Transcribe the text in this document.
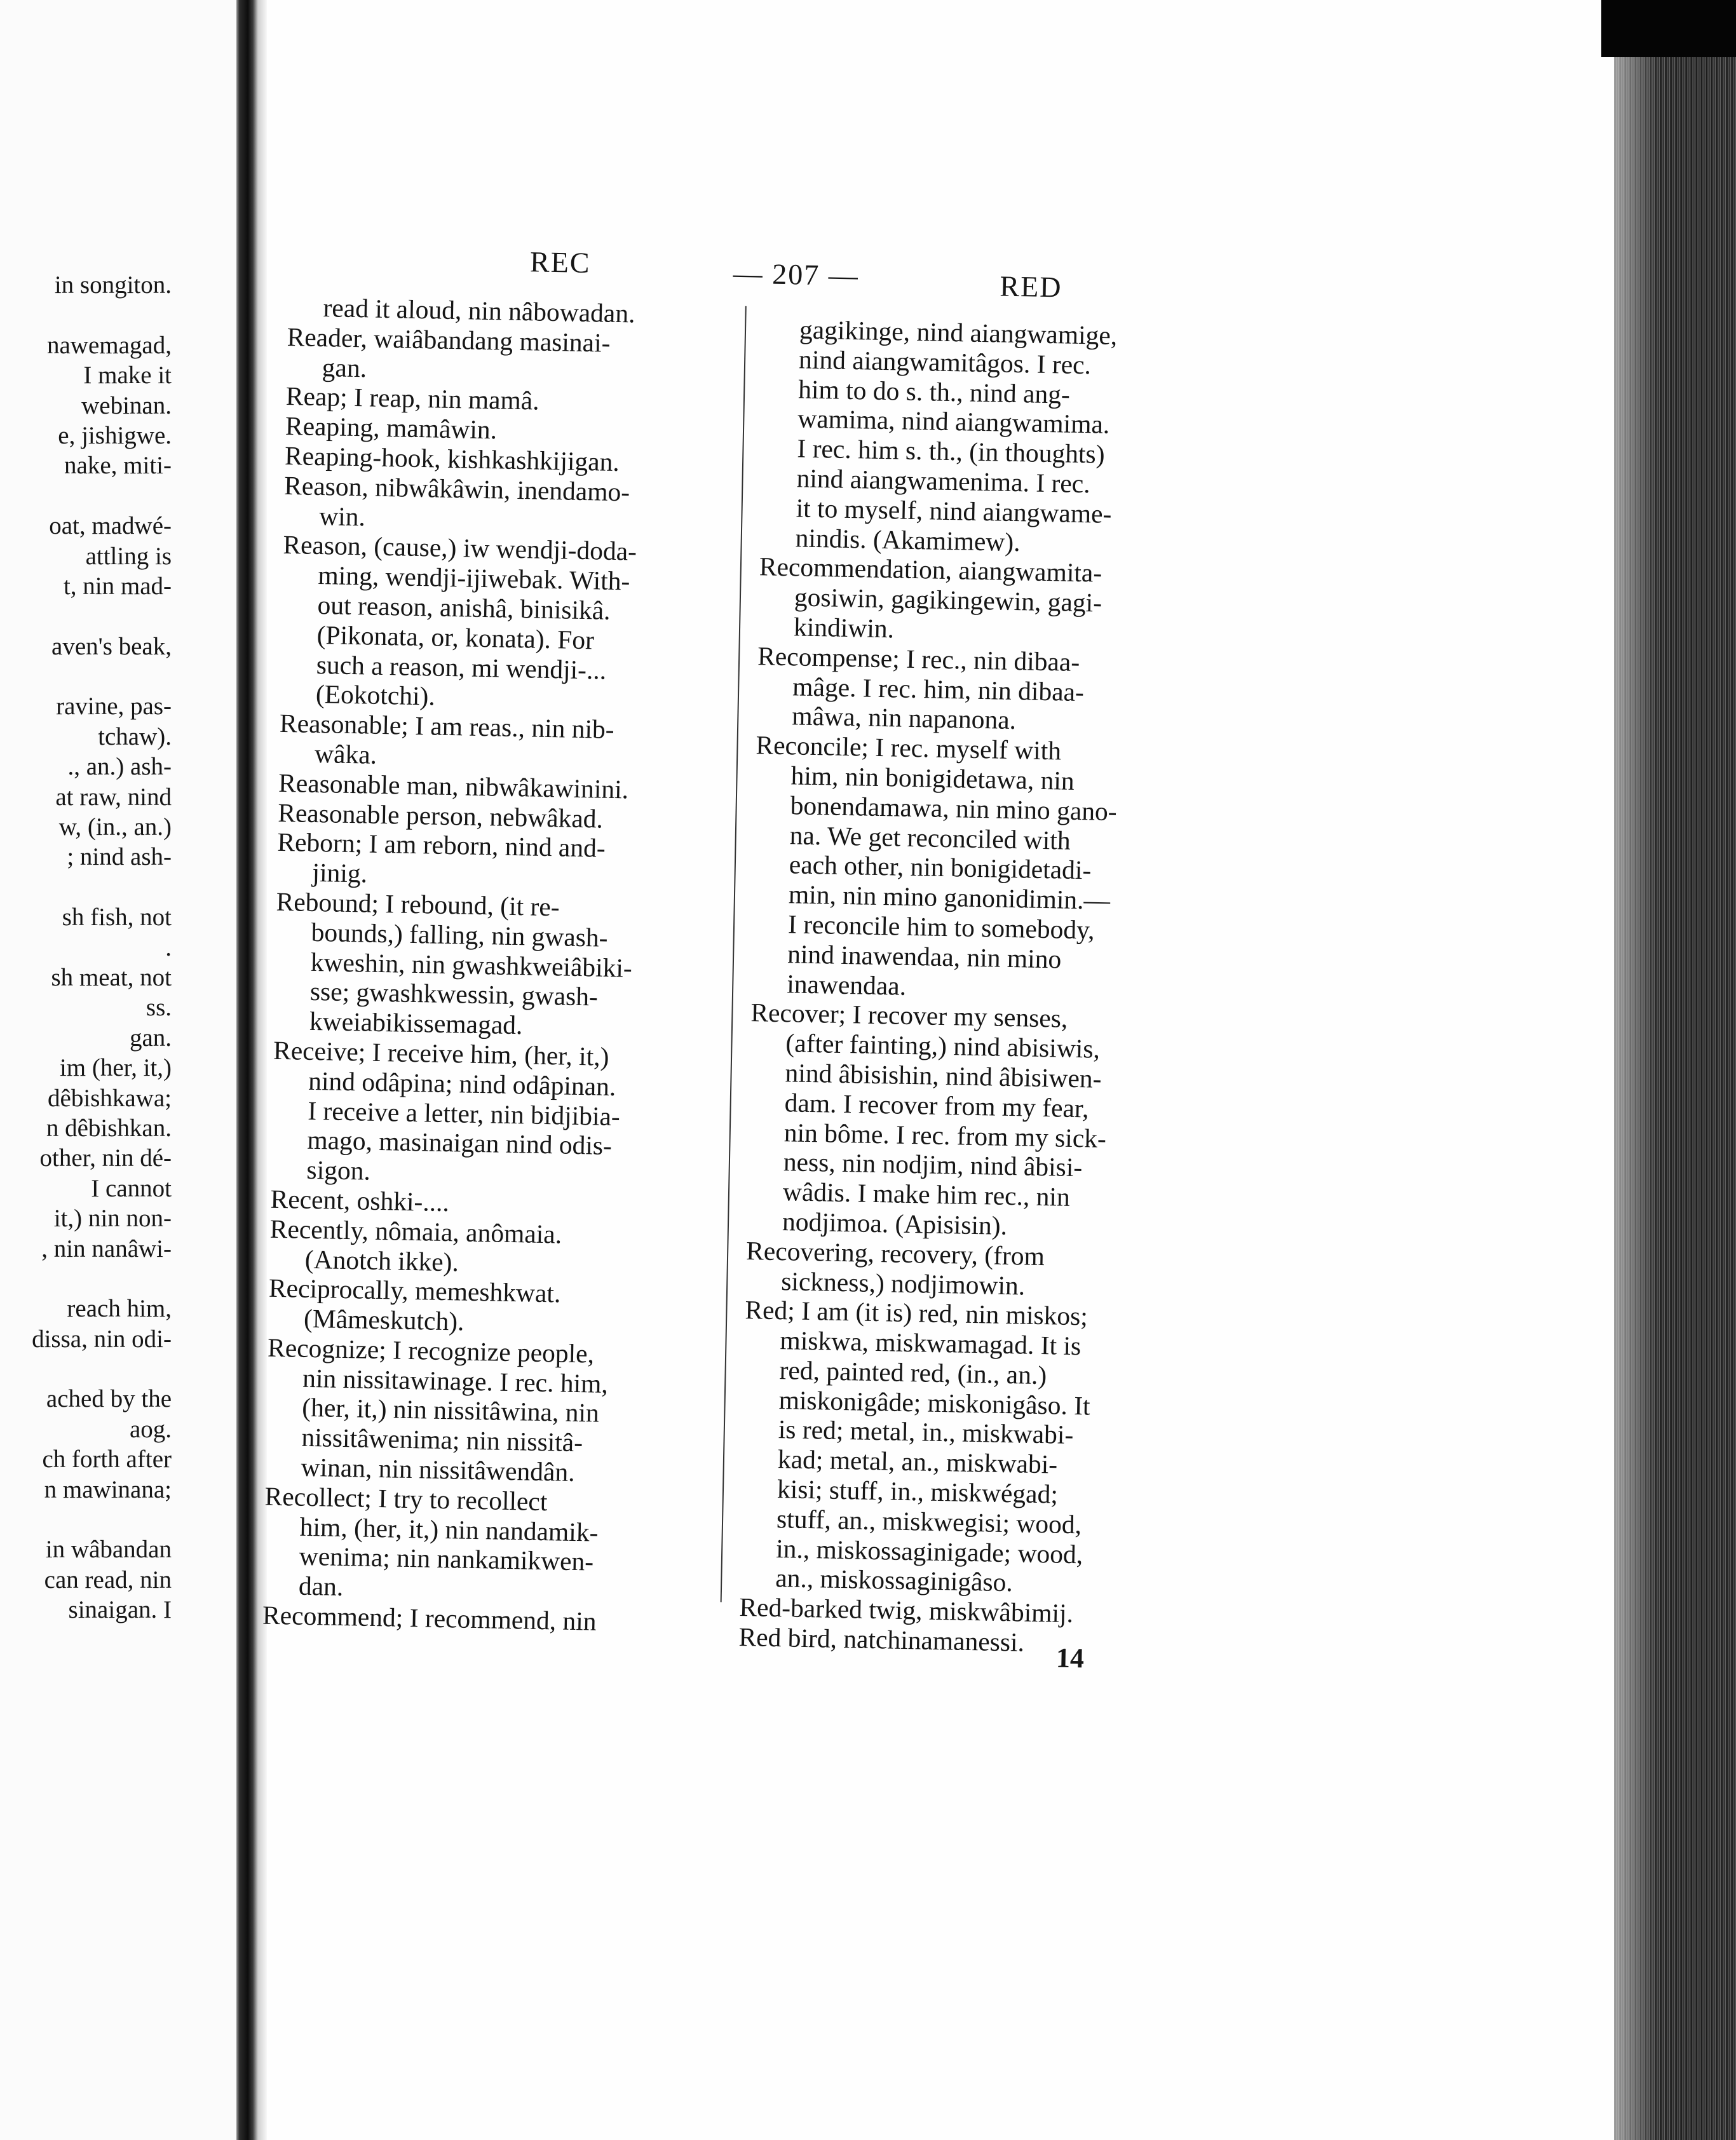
in songiton.
nawemagad,
I make it
webinan.
e, jishigwe.
nake, miti-
oat, madwé-
attling is
t, nin mad-
aven's beak,
ravine, pas-
tchaw).
., an.) ash-
at raw, nind
w, (in., an.)
; nind ash-
sh fish, not
.
sh meat, not
ss.
gan.
im (her, it,)
dêbishkawa;
n dêbishkan.
other, nin dé-
I cannot
it,) nin non-
, nin nanâwi-
reach him,
dissa, nin odi-
ached by the
aog.
ch forth after
n mawinana;
in wâbandan
can read, nin
sinaigan. I
REC	— 207 —	RED
read it aloud, nin nâbowadan.
Reader, waiâbandang masinai-
gan.
Reap; I reap, nin mamâ.
Reaping, mamâwin.
Reaping-hook, kishkashkijigan.
Reason, nibwâkâwin, inendamo-
win.
Reason, (cause,) iw wendji-doda-
ming, wendji-ijiwebak. With-
out reason, anishâ, binisikâ.
(Pikonata, or, konata). For
such a reason, mi wendji-...
(Eokotchi).
Reasonable; I am reas., nin nib-
wâka.
Reasonable man, nibwâkawinini.
Reasonable person, nebwâkad.
Reborn; I am reborn, nind and-
jinig.
Rebound; I rebound, (it re-
bounds,) falling, nin gwash-
kweshin, nin gwashkweiâbiki-
sse; gwashkwessin, gwash-
kweiabikissemagad.
Receive; I receive him, (her, it,)
nind odâpina; nind odâpinan.
I receive a letter, nin bidjibia-
mago, masinaigan nind odis-
sigon.
Recent, oshki-....
Recently, nômaia, anômaia.
(Anotch ikke).
Reciprocally, memeshkwat.
(Mâmeskutch).
Recognize; I recognize people,
nin nissitawinage. I rec. him,
(her, it,) nin nissitâwina, nin
nissitâwenima; nin nissitâ-
winan, nin nissitâwendân.
Recollect; I try to recollect
him, (her, it,) nin nandamik-
wenima; nin nankamikwen-
dan.
Recommend; I recommend, nin
gagikinge, nind aiangwamige,
nind aiangwamitâgos. I rec.
him to do s. th., nind ang-
wamima, nind aiangwamima.
I rec. him s. th., (in thoughts)
nind aiangwamenima. I rec.
it to myself, nind aiangwame-
nindis. (Akamimew).
Recommendation, aiangwamita-
gosiwin, gagikingewin, gagi-
kindiwin.
Recompense; I rec., nin dibaa-
mâge. I rec. him, nin dibaa-
mâwa, nin napanona.
Reconcile; I rec. myself with
him, nin bonigidetawa, nin
bonendamawa, nin mino gano-
na. We get reconciled with
each other, nin bonigidetadi-
min, nin mino ganonidimin.—
I reconcile him to somebody,
nind inawendaa, nin mino
inawendaa.
Recover; I recover my senses,
(after fainting,) nind abisiwis,
nind âbisishin, nind âbisiwen-
dam. I recover from my fear,
nin bôme. I rec. from my sick-
ness, nin nodjim, nind âbisi-
wâdis. I make him rec., nin
nodjimoa. (Apisisin).
Recovering, recovery, (from
sickness,) nodjimowin.
Red; I am (it is) red, nin miskos;
miskwa, miskwamagad. It is
red, painted red, (in., an.)
miskonigâde; miskonigâso. It
is red; metal, in., miskwabi-
kad; metal, an., miskwabi-
kisi; stuff, in., miskwégad;
stuff, an., miskwegisi; wood,
in., miskossaginigade; wood,
an., miskossaginigâso.
Red-barked twig, miskwâbimij.
Red bird, natchinamanessi.
14
